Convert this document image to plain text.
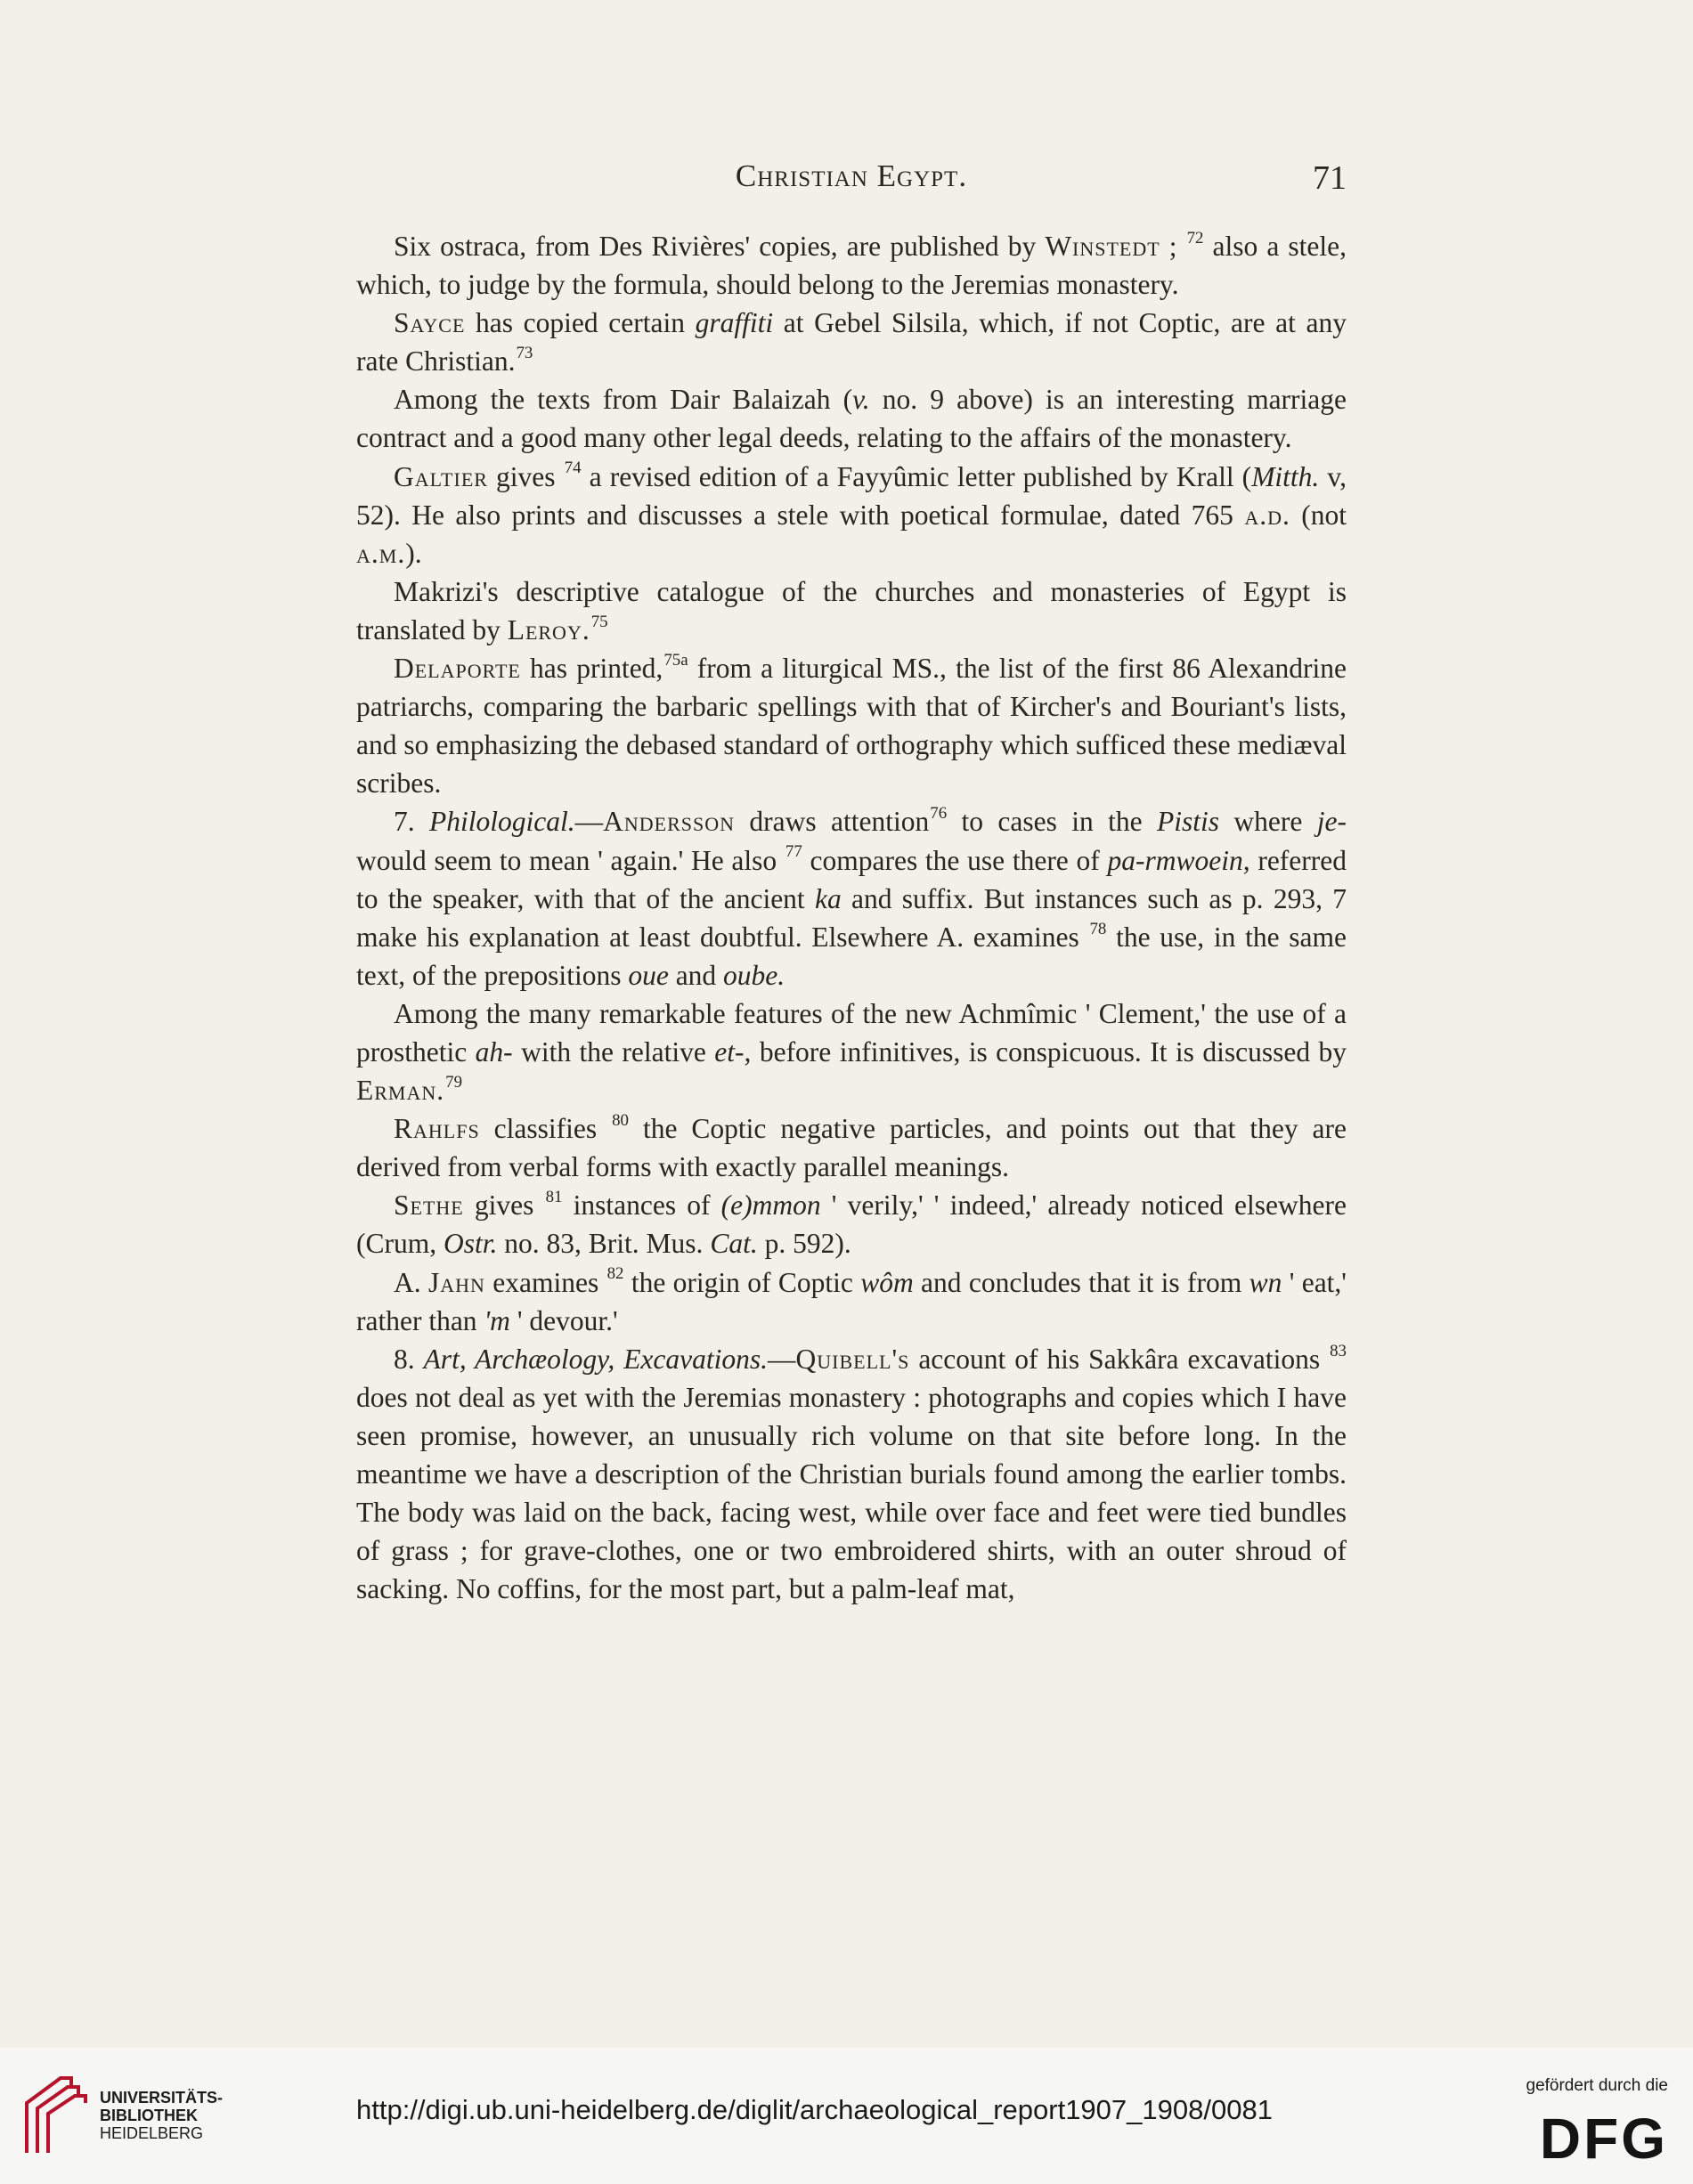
Christian Egypt.	71

Six ostraca, from Des Rivières' copies, are published by Winstedt ; $^{72}$ also a stele, which, to judge by the formula, should belong to the Jeremias monastery.

Sayce has copied certain graffiti at Gebel Silsila, which, if not Coptic, are at any rate Christian.$^{73}$

Among the texts from Dair Balaizah (v. no. 9 above) is an interesting marriage contract and a good many other legal deeds, relating to the affairs of the monastery.

Galtier gives $^{74}$ a revised edition of a Fayyûmic letter published by Krall (Mitth. v, 52). He also prints and discusses a stele with poetical formulae, dated 765 a.d. (not a.m.).

Makrizi's descriptive catalogue of the churches and monasteries of Egypt is translated by Leroy.$^{75}$

Delaporte has printed,$^{75a}$ from a liturgical MS., the list of the first 86 Alexandrine patriarchs, comparing the barbaric spellings with that of Kircher's and Bouriant's lists, and so emphasizing the debased standard of orthography which sufficed these mediæval scribes.

7. Philological.—Andersson draws attention$^{76}$ to cases in the Pistis where je- would seem to mean ' again.' He also $^{77}$ compares the use there of pa-rmwoein, referred to the speaker, with that of the ancient ka and suffix. But instances such as p. 293, 7 make his explanation at least doubtful. Elsewhere A. examines $^{78}$ the use, in the same text, of the prepositions oue and oube.

Among the many remarkable features of the new Achmîmic ' Clement,' the use of a prosthetic ah- with the relative et-, before infinitives, is conspicuous. It is discussed by Erman.$^{79}$

Rahlfs classifies $^{80}$ the Coptic negative particles, and points out that they are derived from verbal forms with exactly parallel meanings.

Sethe gives $^{81}$ instances of (e)mmon ' verily,' ' indeed,' already noticed elsewhere (Crum, Ostr. no. 83, Brit. Mus. Cat. p. 592).

A. Jahn examines $^{82}$ the origin of Coptic wôm and concludes that it is from wn ' eat,' rather than 'm ' devour.'

8. Art, Archæology, Excavations.—Quibell's account of his Sakkâra excavations $^{83}$ does not deal as yet with the Jeremias monastery : photographs and copies which I have seen promise, however, an unusually rich volume on that site before long. In the meantime we have a description of the Christian burials found among the earlier tombs. The body was laid on the back, facing west, while over face and feet were tied bundles of grass ; for grave-clothes, one or two embroidered shirts, with an outer shroud of sacking. No coffins, for the most part, but a palm-leaf mat,

UNIVERSITÄTS-
BIBLIOTHEK
HEIDELBERG
http://digi.ub.uni-heidelberg.de/diglit/archaeological_report1907_1908/0081
gefördert durch die
DFG
